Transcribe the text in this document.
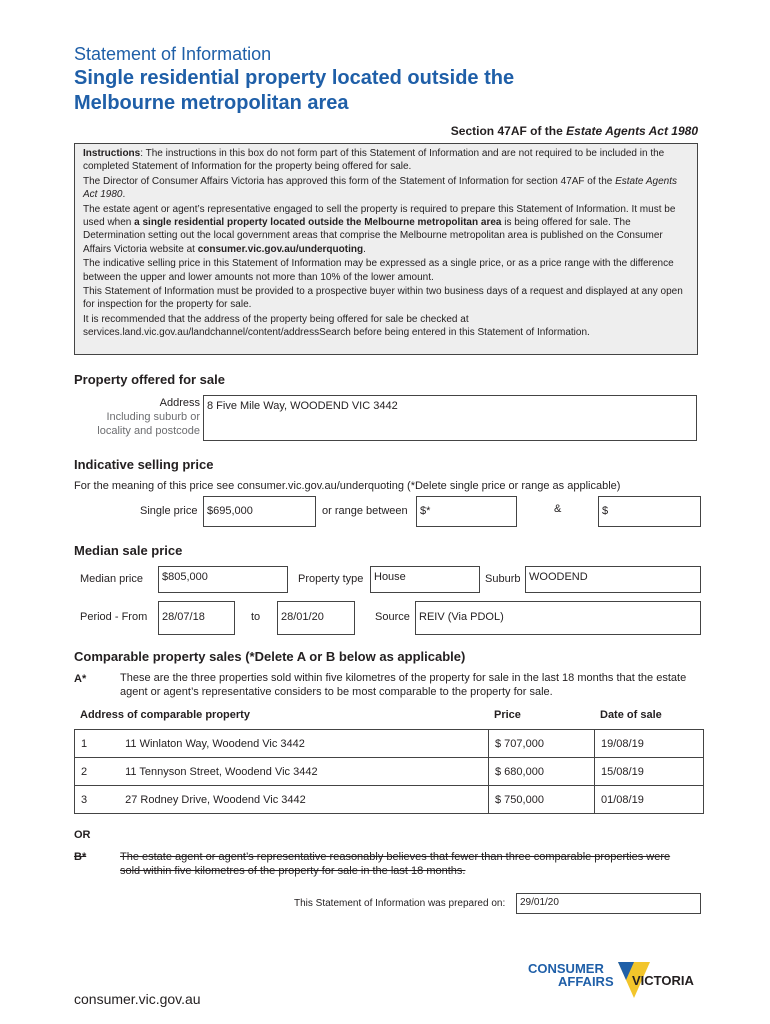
Statement of Information
Single residential property located outside the
Melbourne metropolitan area
Section 47AF of the Estate Agents Act 1980

Instructions: The instructions in this box do not form part of this Statement of Information and are not required to be included in the completed Statement of Information for the property being offered for sale.

The Director of Consumer Affairs Victoria has approved this form of the Statement of Information for section 47AF of the Estate Agents Act 1980.

The estate agent or agent’s representative engaged to sell the property is required to prepare this Statement of Information. It must be used when a single residential property located outside the Melbourne metropolitan area is being offered for sale. The Determination setting out the local government areas that comprise the Melbourne metropolitan area is published on the Consumer Affairs Victoria website at consumer.vic.gov.au/underquoting.

The indicative selling price in this Statement of Information may be expressed as a single price, or as a price range with the difference between the upper and lower amounts not more than 10% of the lower amount.

This Statement of Information must be provided to a prospective buyer within two business days of a request and displayed at any open for inspection for the property for sale.

It is recommended that the address of the property being offered for sale be checked at services.land.vic.gov.au/landchannel/content/addressSearch before being entered in this Statement of Information.

Property offered for sale
Address
Including suburb or
locality and postcode
8 Five Mile Way, WOODEND VIC 3442
Indicative selling price
For the meaning of this price see consumer.vic.gov.au/underquoting (*Delete single price or range as applicable)
Single price $695,000	or range between	$*	&	$
Median sale price
Median price	$805,000	Property type House	Suburb WOODEND
Period - From	28/07/18	to	28/01/20	Source REIV (Via PDOL)
Comparable property sales (*Delete A or B below as applicable)
A*	These are the three properties sold within five kilometres of the property for sale in the last 18 months that the estate agent or agent’s representative considers to be most comparable to the property for sale.
Address of comparable property	Price	Date of sale
1 11 Winlaton Way, Woodend Vic 3442	$ 707,000	19/08/19
2 11 Tennyson Street, Woodend Vic 3442	$ 680,000	15/08/19
3 27 Rodney Drive, Woodend Vic 3442	$ 750,000	01/08/19
OR
B*	The estate agent or agent’s representative reasonably believes that fewer than three comparable properties were sold within five kilometres of the property for sale in the last 18 months.
This Statement of Information was prepared on:	29/01/20
CONSUMER
AFFAIRS VICTORIA
consumer.vic.gov.au
